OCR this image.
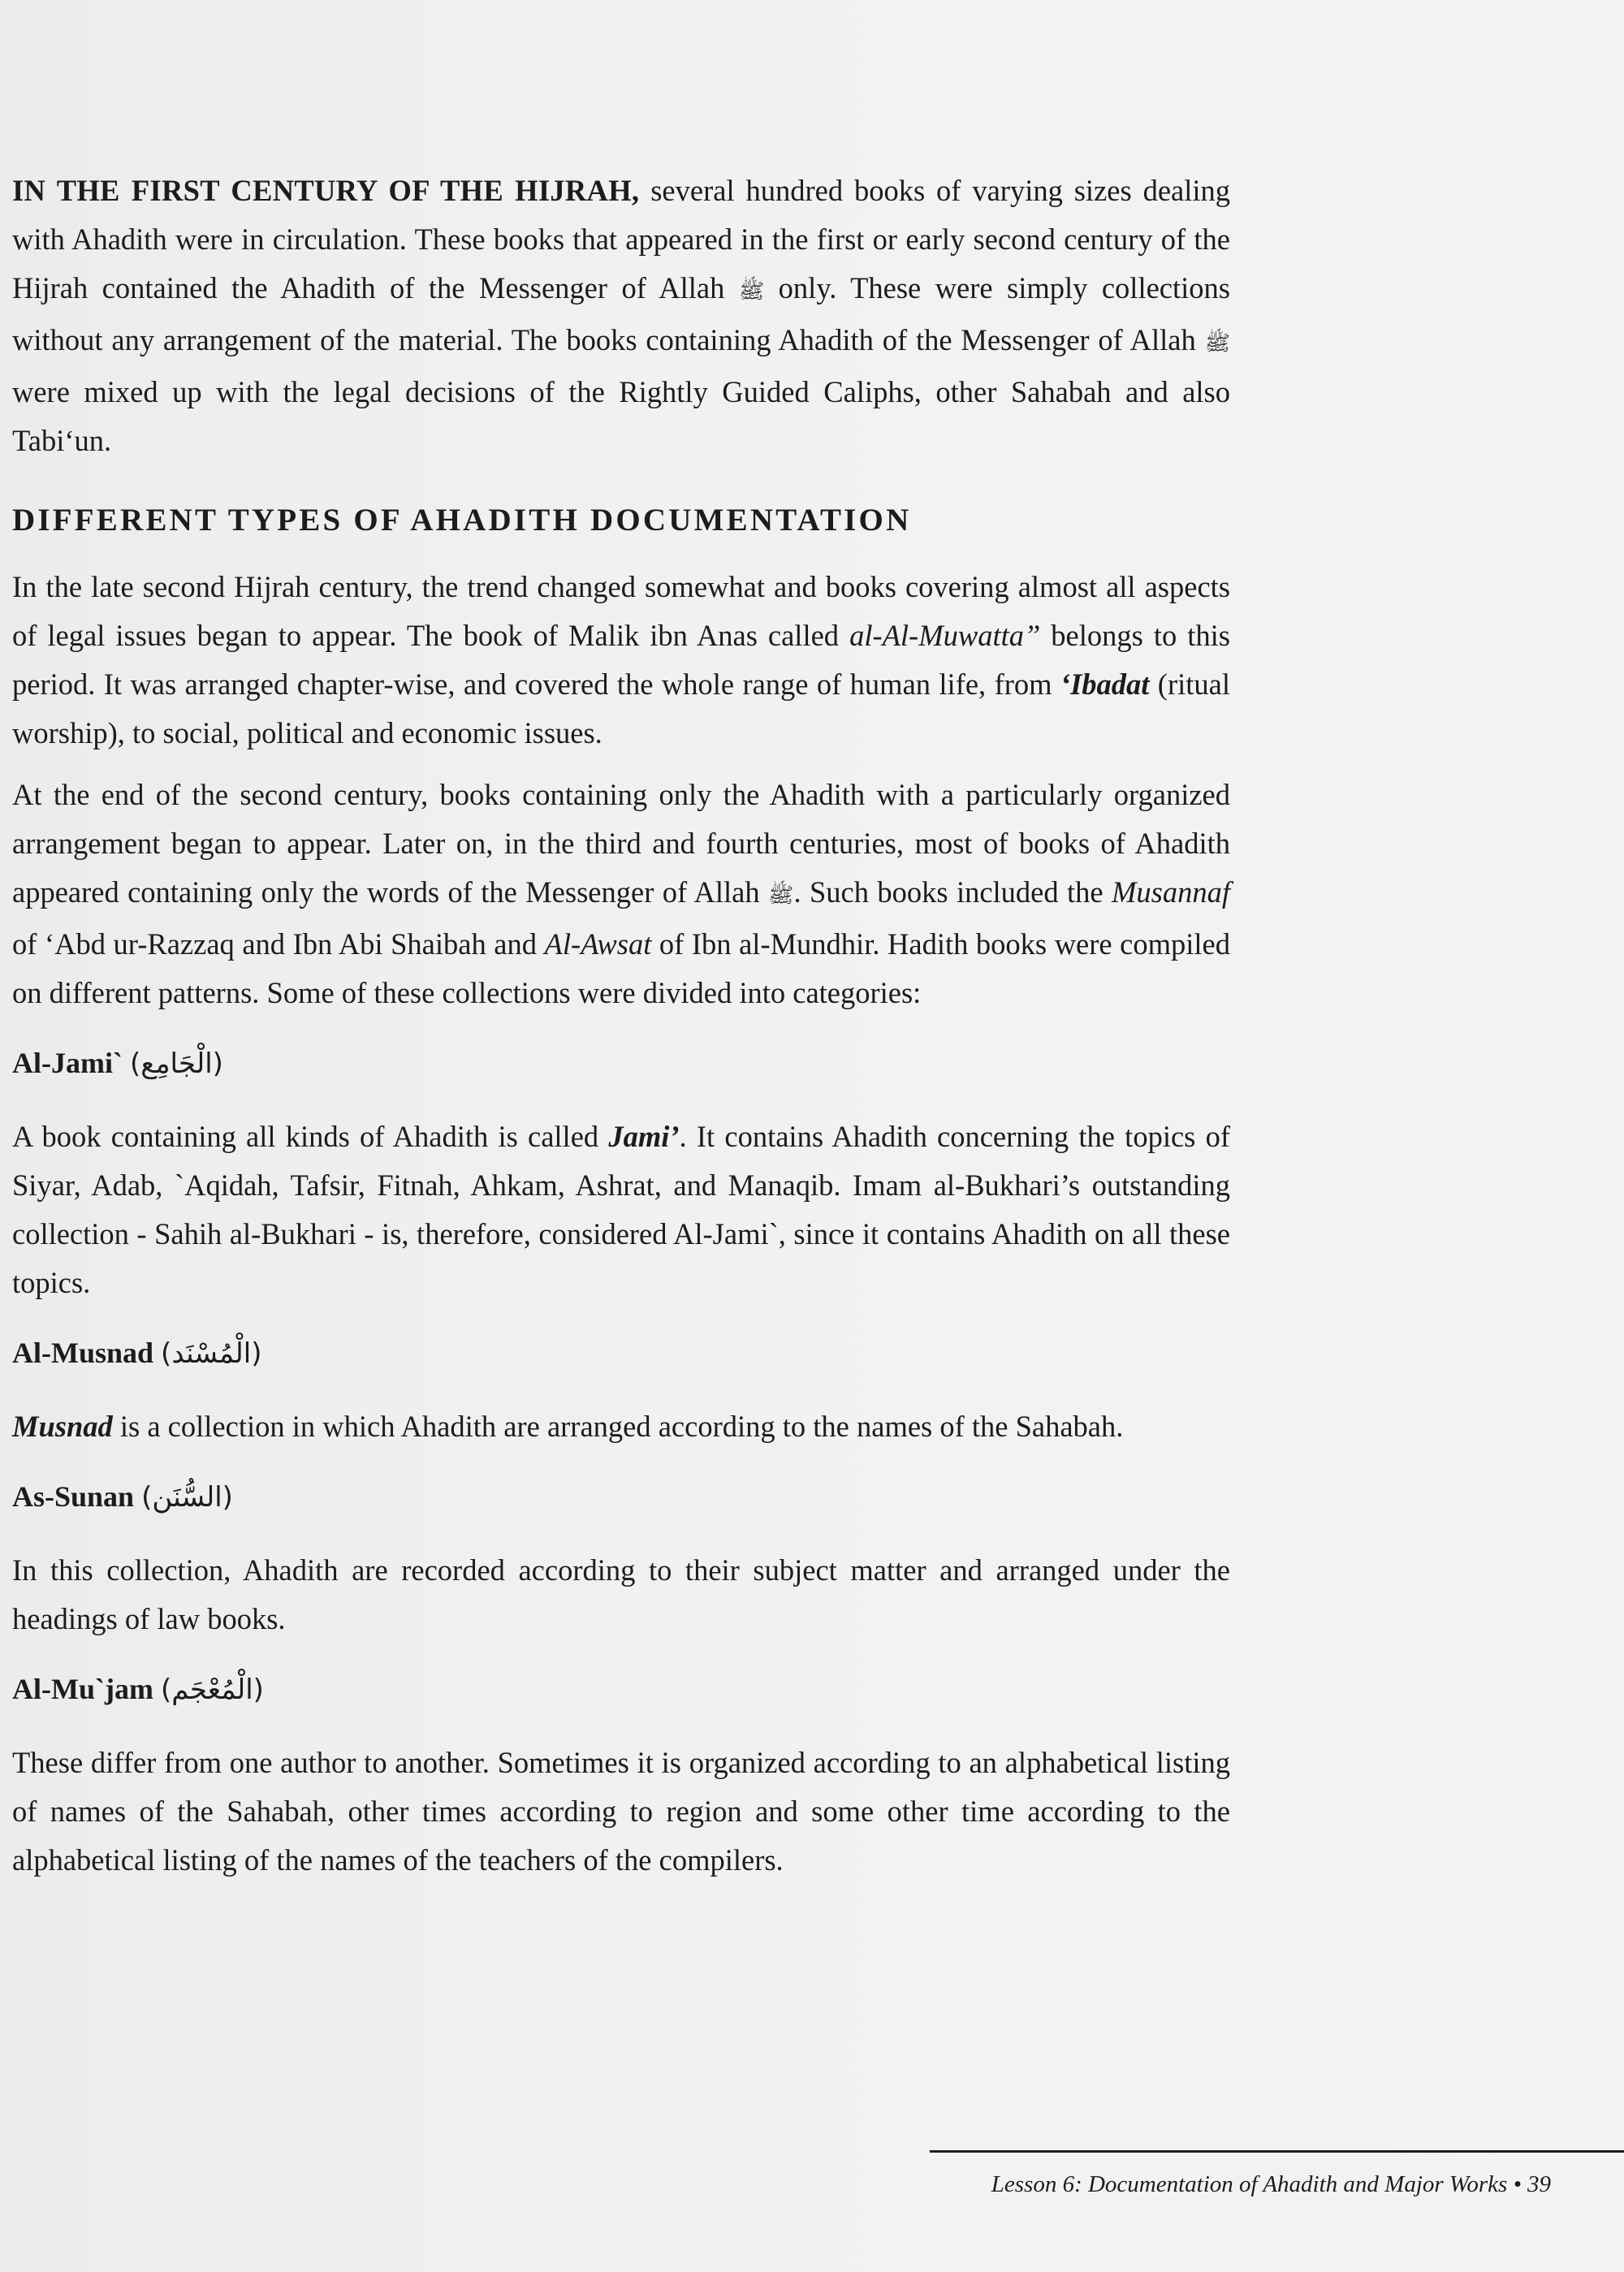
IN THE FIRST CENTURY OF THE HIJRAH, several hundred books of varying sizes dealing with Ahadith were in circulation. These books that appeared in the first or early second century of the Hijrah contained the Ahadith of the Messenger of Allah ﷺ only. These were simply collections without any arrangement of the material. The books containing Ahadith of the Messenger of Allah ﷺ were mixed up with the legal decisions of the Rightly Guided Caliphs, other Sahabah and also Tabi‘un.

DIFFERENT TYPES OF AHADITH DOCUMENTATION

In the late second Hijrah century, the trend changed somewhat and books covering almost all aspects of legal issues began to appear. The book of Malik ibn Anas called al-Al-Muwatta” belongs to this period. It was arranged chapter-wise, and covered the whole range of human life, from ‘Ibadat (ritual worship), to social, political and economic issues.

At the end of the second century, books containing only the Ahadith with a particularly organized arrangement began to appear. Later on, in the third and fourth centuries, most of books of Ahadith appeared containing only the words of the Messenger of Allah ﷺ. Such books included the Musannaf of ‘Abd ur-Razzaq and Ibn Abi Shaibah and Al-Awsat of Ibn al-Mundhir. Hadith books were compiled on different patterns. Some of these collections were divided into categories:

Al-Jami` (الْجَامِع)

A book containing all kinds of Ahadith is called Jami’. It contains Ahadith concerning the topics of Siyar, Adab, `Aqidah, Tafsir, Fitnah, Ahkam, Ashrat, and Manaqib. Imam al-Bukhari’s outstanding collection - Sahih al-Bukhari - is, therefore, considered Al-Jami`, since it contains Ahadith on all these topics.

Al-Musnad (الْمُسْنَد)

Musnad is a collection in which Ahadith are arranged according to the names of the Sahabah.

As-Sunan (السُّنَن)

In this collection, Ahadith are recorded according to their subject matter and arranged under the headings of law books.

Al-Mu`jam (الْمُعْجَم)

These differ from one author to another. Sometimes it is organized according to an alphabetical listing of names of the Sahabah, other times according to region and some other time according to the alphabetical listing of the names of the teachers of the compilers.

Lesson 6: Documentation of Ahadith and Major Works • 39
